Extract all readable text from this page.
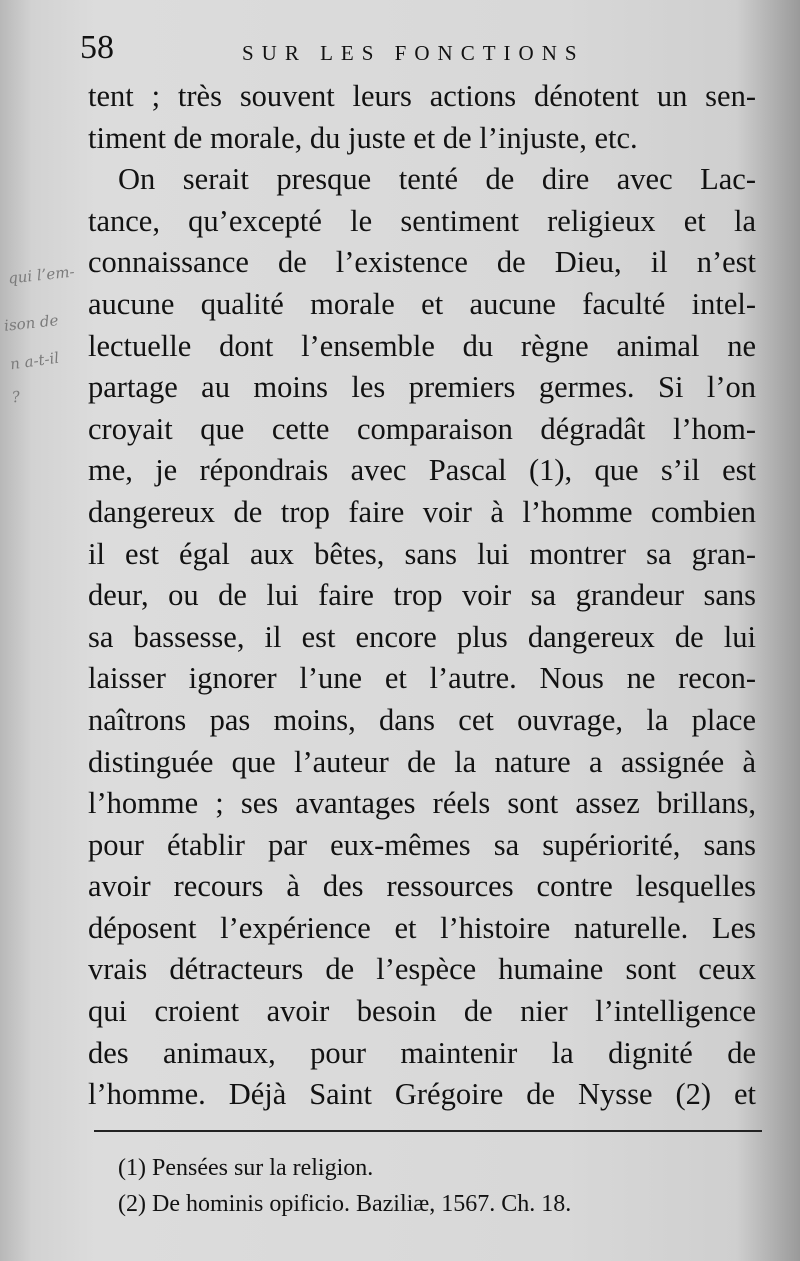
58	SUR LES FONCTIONS
qui l’em-
ison de
n a-t-il
?
tent ; très souvent leurs actions dénotent un sen-
timent de morale, du juste et de l’injuste, etc.
On serait presque tenté de dire avec Lac-
tance, qu’excepté le sentiment religieux et la
connaissance de l’existence de Dieu, il n’est
aucune qualité morale et aucune faculté intel-
lectuelle dont l’ensemble du règne animal ne
partage au moins les premiers germes. Si l’on
croyait que cette comparaison dégradât l’hom-
me, je répondrais avec Pascal (1), que s’il est
dangereux de trop faire voir à l’homme combien
il est égal aux bêtes, sans lui montrer sa gran-
deur, ou de lui faire trop voir sa grandeur sans
sa bassesse, il est encore plus dangereux de lui
laisser ignorer l’une et l’autre. Nous ne recon-
naîtrons pas moins, dans cet ouvrage, la place
distinguée que l’auteur de la nature a assignée à
l’homme ; ses avantages réels sont assez brillans,
pour établir par eux-mêmes sa supériorité, sans
avoir recours à des ressources contre lesquelles
déposent l’expérience et l’histoire naturelle. Les
vrais détracteurs de l’espèce humaine sont ceux
qui croient avoir besoin de nier l’intelligence
des animaux, pour maintenir la dignité de
l’homme. Déjà Saint Grégoire de Nysse (2) et
(1) Pensées sur la religion.
(2) De hominis opificio. Baziliæ, 1567. Ch. 18.
